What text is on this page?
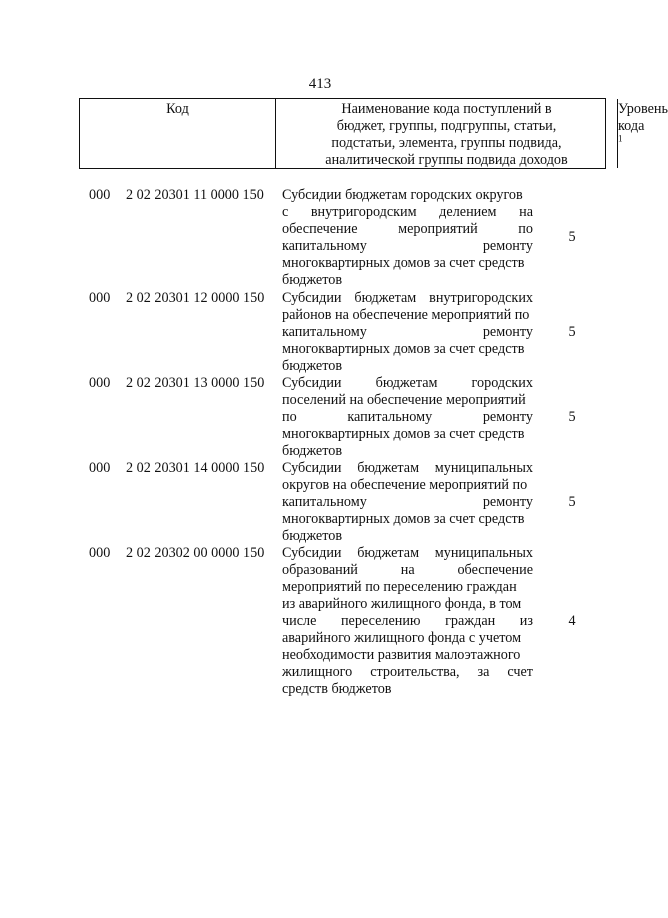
413
Код	Наименование кода поступлений в
бюджет, группы, подгруппы, статьи,
подстатьи, элемента, группы подвида,
аналитической группы подвида доходов
Уровень
кода $^1$
000 2 02 20301 11 0000 150 Субсидии бюджетам городских округов
с внутригородским делением на
обеспечение мероприятий по
капитальному ремонту
многоквартирных домов за счет средств
бюджетов
5
000 2 02 20301 12 0000 150 Субсидии бюджетам внутригородских
районов на обеспечение мероприятий по
капитальному ремонту
многоквартирных домов за счет средств
бюджетов
5
000 2 02 20301 13 0000 150 Субсидии бюджетам городских
поселений на обеспечение мероприятий
по капитальному ремонту
многоквартирных домов за счет средств
бюджетов
5
000 2 02 20301 14 0000 150 Субсидии бюджетам муниципальных
округов на обеспечение мероприятий по
капитальному ремонту
многоквартирных домов за счет средств
бюджетов
5
000 2 02 20302 00 0000 150 Субсидии бюджетам муниципальных
образований на обеспечение
мероприятий по переселению граждан
из аварийного жилищного фонда, в том
числе переселению граждан из
аварийного жилищного фонда с учетом
необходимости развития малоэтажного
жилищного строительства, за счет
средств бюджетов
4
